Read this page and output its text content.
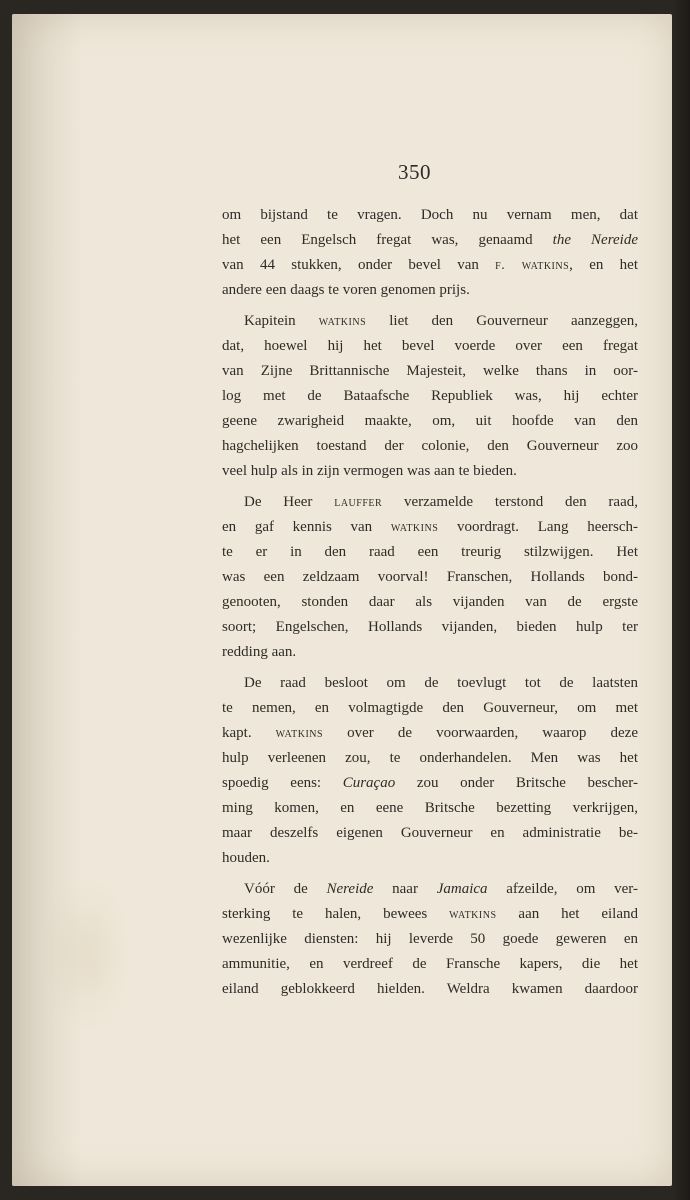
350
om bijstand te vragen. Doch nu vernam men, dat
het een Engelsch fregat was, genaamd the Nereide
van 44 stukken, onder bevel van f. watkins, en het
andere een daags te voren genomen prijs.
Kapitein watkins liet den Gouverneur aanzeggen,
dat, hoewel hij het bevel voerde over een fregat
van Zijne Brittannische Majesteit, welke thans in oor-
log met de Bataafsche Republiek was, hij echter
geene zwarigheid maakte, om, uit hoofde van den
hagchelijken toestand der colonie, den Gouverneur zoo
veel hulp als in zijn vermogen was aan te bieden.
De Heer lauffer verzamelde terstond den raad,
en gaf kennis van watkins voordragt. Lang heersch-
te er in den raad een treurig stilzwijgen. Het
was een zeldzaam voorval! Franschen, Hollands bond-
genooten, stonden daar als vijanden van de ergste
soort; Engelschen, Hollands vijanden, bieden hulp ter
redding aan.
De raad besloot om de toevlugt tot de laatsten
te nemen, en volmagtigde den Gouverneur, om met
kapt. watkins over de voorwaarden, waarop deze
hulp verleenen zou, te onderhandelen. Men was het
spoedig eens: Curaçao zou onder Britsche bescher-
ming komen, en eene Britsche bezetting verkrijgen,
maar deszelfs eigenen Gouverneur en administratie be-
houden.
Vóór de Nereide naar Jamaica afzeilde, om ver-
sterking te halen, bewees watkins aan het eiland
wezenlijke diensten: hij leverde 50 goede geweren en
ammunitie, en verdreef de Fransche kapers, die het
eiland geblokkeerd hielden. Weldra kwamen daardoor
